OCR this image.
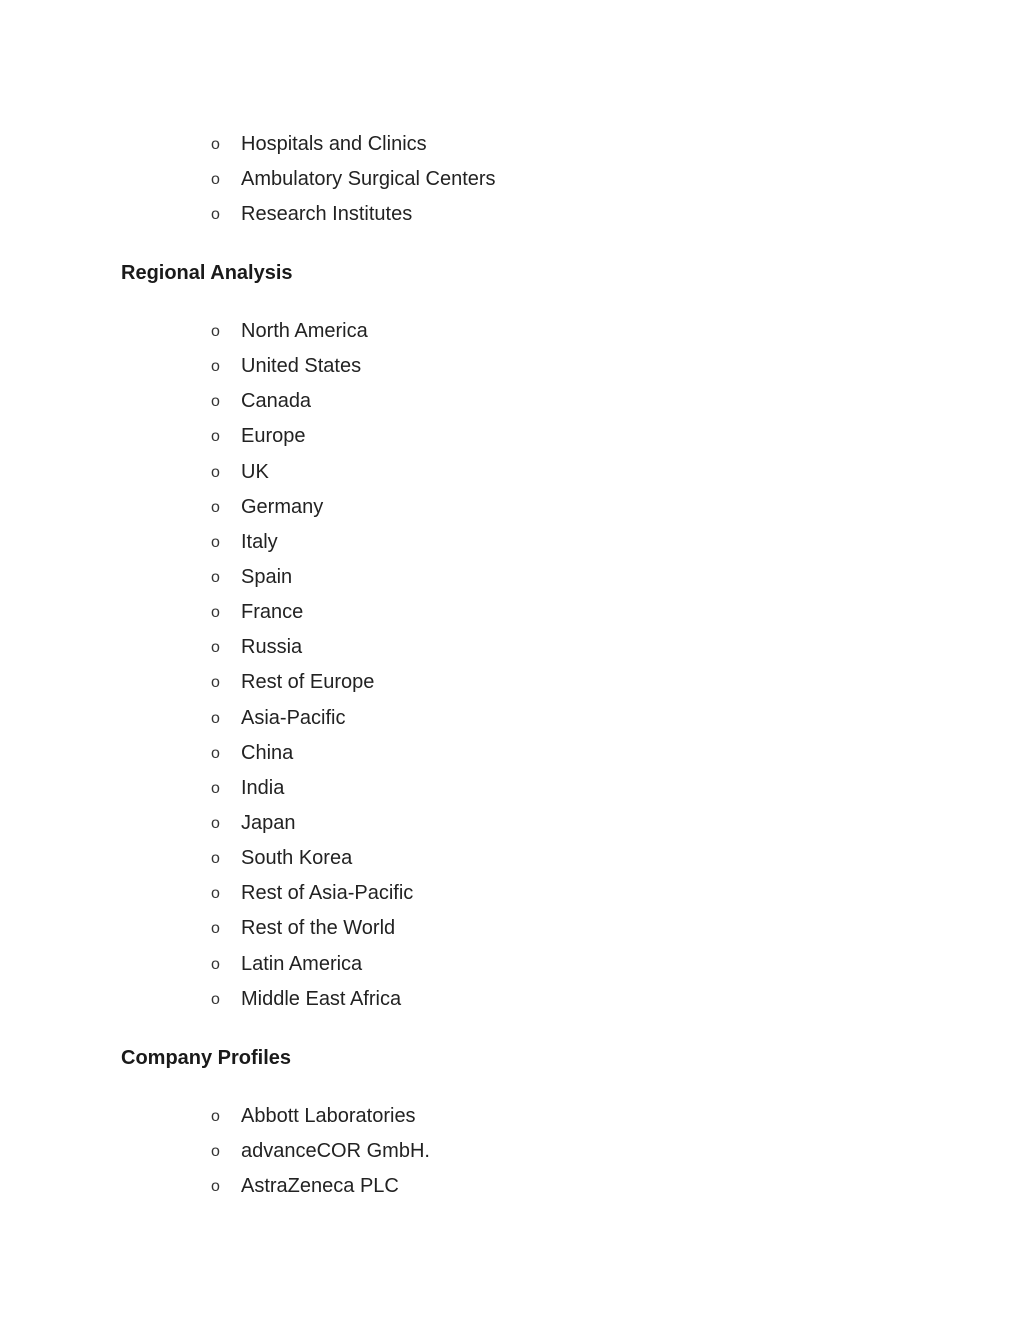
o Hospitals and Clinics
o Ambulatory Surgical Centers
o Research Institutes
Regional Analysis
o North America
o United States
o Canada
o Europe
o UK
o Germany
o Italy
o Spain
o France
o Russia
o Rest of Europe
o Asia-Pacific
o China
o India
o Japan
o South Korea
o Rest of Asia-Pacific
o Rest of the World
o Latin America
o Middle East Africa
Company Profiles
o Abbott Laboratories
o advanceCOR GmbH.
o AstraZeneca PLC
